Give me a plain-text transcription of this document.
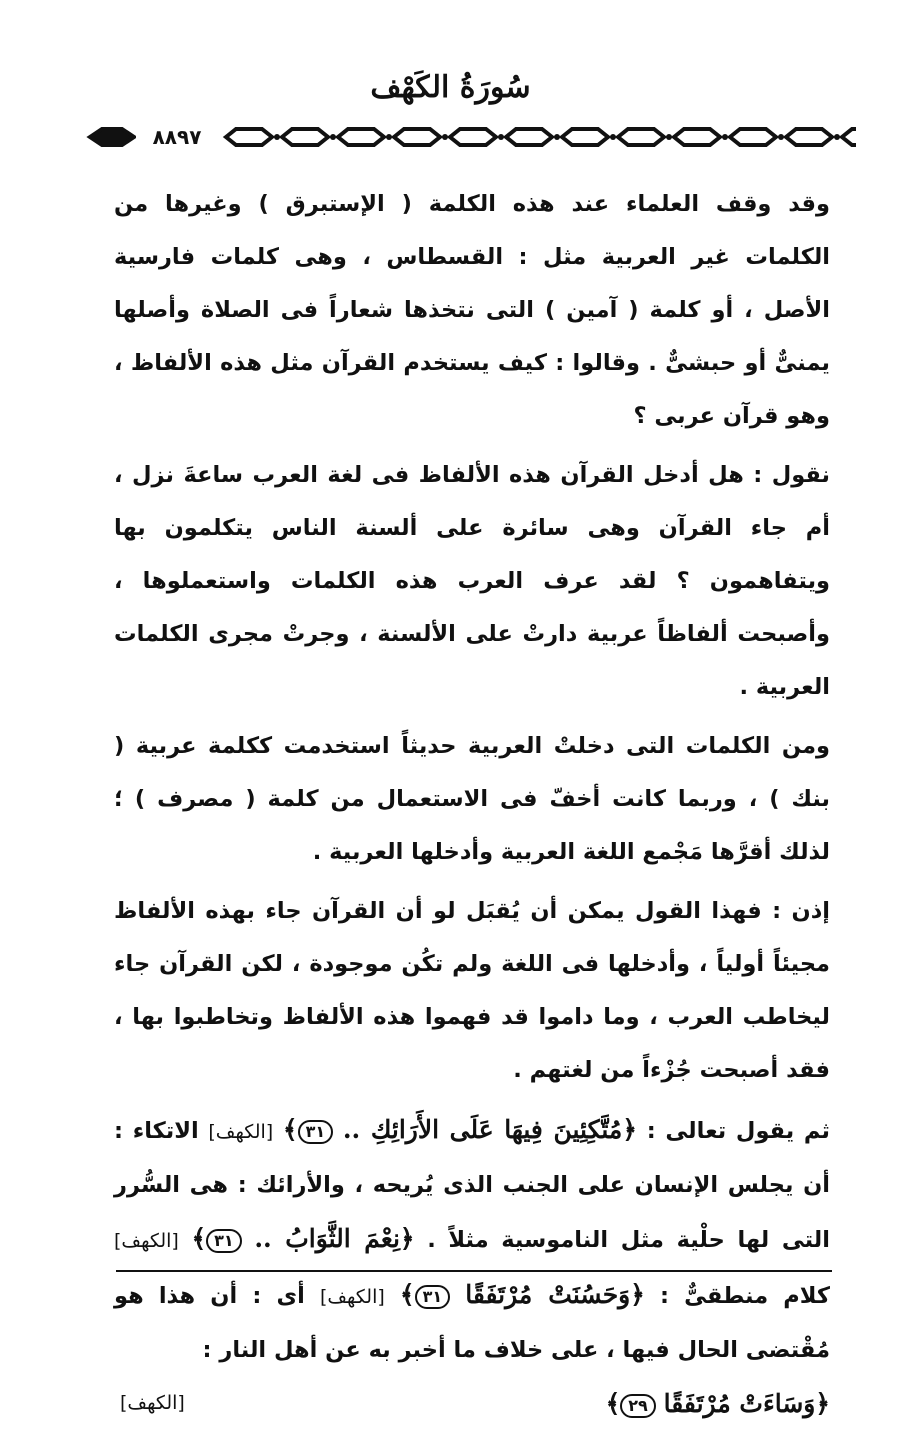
سُورَةُ الكَهْف
٨٨٩٧

وقد وقف العلماء عند هذه الكلمة ( الإستبرق ) وغيرها من الكلمات غير العربية مثل : القسطاس ، وهى كلمات فارسية الأصل ، أو كلمة ( آمين ) التى نتخذها شعاراً فى الصلاة وأصلها يمنىٌّ أو حبشىٌّ . وقالوا : كيف يستخدم القرآن مثل هذه الألفاظ ، وهو قرآن عربى ؟

نقول : هل أدخل القرآن هذه الألفاظ فى لغة العرب ساعةَ نزل ، أم جاء القرآن وهى سائرة على ألسنة الناس يتكلمون بها ويتفاهمون ؟ لقد عرف العرب هذه الكلمات واستعملوها ، وأصبحت ألفاظاً عربية دارتْ على الألسنة ، وجرتْ مجرى الكلمات العربية .

ومن الكلمات التى دخلتْ العربية حديثاً استخدمت ككلمة عربية ( بنك ) ، وربما كانت أخفّ فى الاستعمال من كلمة ( مصرف ) ؛ لذلك أقرَّها مَجْمع اللغة العربية وأدخلها العربية .

إذن : فهذا القول يمكن أن يُقبَل لو أن القرآن جاء بهذه الألفاظ مجيئاً أولياً ، وأدخلها فى اللغة ولم تكُن موجودة ، لكن القرآن جاء ليخاطب العرب ، وما داموا قد فهموا هذه الألفاظ وتخاطبوا بها ، فقد أصبحت جُزْءاً من لغتهم .

ثم يقول تعالى : ﴿مُتَّكِئِينَ فِيهَا عَلَى الأَرَائِكِ .. ٣١﴾ [الكهف] الاتكاء : أن يجلس الإنسان على الجنب الذى يُريحه ، والأرائك : هى السُّرر التى لها حلْية مثل الناموسية مثلاً . ﴿نِعْمَ الثَّوَابُ .. ٣١﴾ [الكهف] كلام منطقىٌّ : ﴿وَحَسُنَتْ مُرْتَفَقًا ٣١﴾ [الكهف] أى : أن هذا هو مُقْتضى الحال فيها ، على خلاف ما أخبر به عن أهل النار :

﴿وَسَاءَتْ مُرْتَفَقًا ٢٩﴾
[الكهف]
